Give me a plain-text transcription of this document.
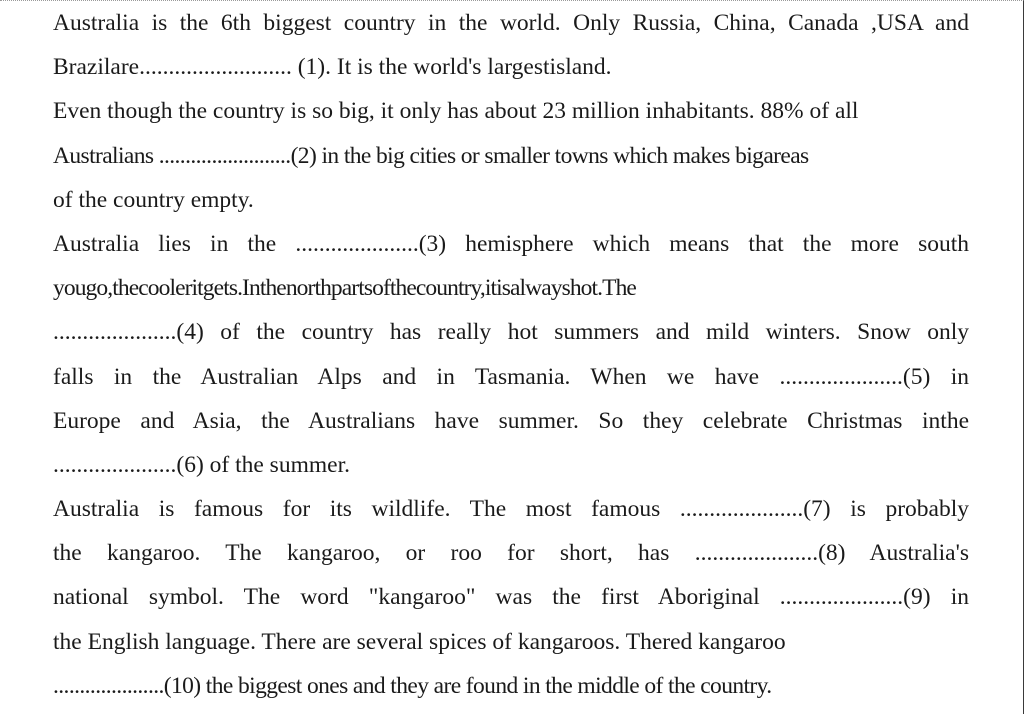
Australia is the 6th biggest country in the world. Only Russia, China, Canada ,USA and
Brazilare.......................... (1). It is the world's largestisland.
Even though the country is so big, it only has about 23 million inhabitants. 88% of all
Australians .........................(2) in the big cities or smaller towns which makes bigareas
of the country empty.
Australia lies in the .....................(3) hemisphere which means that the more south
yougo,thecooleritgets.Inthenorthpartsofthecountry,itisalwayshot.The
.....................(4) of the country has really hot summers and mild winters. Snow only
falls in the Australian Alps and in Tasmania. When we have .....................(5) in
Europe and Asia, the Australians have summer. So they celebrate Christmas inthe
.....................(6) of the summer.
Australia is famous for its wildlife. The most famous .....................(7) is probably
the kangaroo. The kangaroo, or roo for short, has .....................(8) Australia's
national symbol. The word "kangaroo" was the first Aboriginal .....................(9) in
the English language. There are several spices of kangaroos. Thered kangaroo
.....................(10) the biggest ones and they are found in the middle of the country.
